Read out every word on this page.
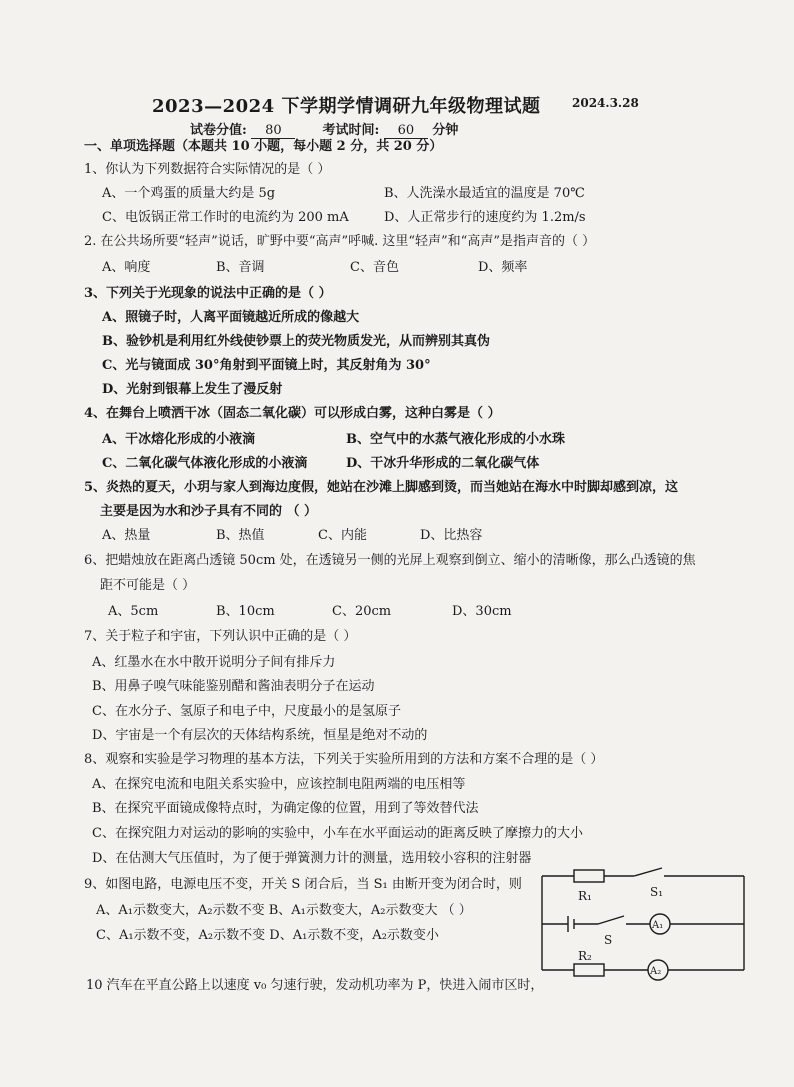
2023—2024 下学期学情调研九年级物理试题	2024.3.28
试卷分值: 80	考试时间: 60 分钟
一、单项选择题（本题共 10 小题，每小题 2 分，共 20 分）
1、你认为下列数据符合实际情况的是（ ）
A、一个鸡蛋的质量大约是 5g	B、人洗澡水最适宜的温度是 70℃
C、电饭锅正常工作时的电流约为 200 mA	D、人正常步行的速度约为 1.2m/s
2. 在公共场所要“轻声”说话，旷野中要“高声”呼喊. 这里“轻声”和“高声”是指声音的（ ）
A、响度	B、音调	C、音色	D、频率
3、下列关于光现象的说法中正确的是（ ）
A、照镜子时，人离平面镜越近所成的像越大
B、验钞机是利用红外线使钞票上的荧光物质发光，从而辨别其真伪
C、光与镜面成 30°角射到平面镜上时，其反射角为 30°
D、光射到银幕上发生了漫反射
4、在舞台上喷洒干冰（固态二氧化碳）可以形成白雾，这种白雾是（ ）
A、干冰熔化形成的小液滴	B、空气中的水蒸气液化形成的小水珠
C、二氧化碳气体液化形成的小液滴	D、干冰升华形成的二氧化碳气体
5、炎热的夏天，小玥与家人到海边度假，她站在沙滩上脚感到烫，而当她站在海水中时脚却感到凉，这
主要是因为水和沙子具有不同的 （ ）
A、热量	B、热值	C、内能	D、比热容
6、把蜡烛放在距离凸透镜 50cm 处，在透镜另一侧的光屏上观察到倒立、缩小的清晰像，那么凸透镜的焦
距不可能是（ ）
A、5cm	B、10cm	C、20cm	D、30cm
7、关于粒子和宇宙，下列认识中正确的是（ ）
A、红墨水在水中散开说明分子间有排斥力
B、用鼻子嗅气味能鉴别醋和酱油表明分子在运动
C、在水分子、氢原子和电子中，尺度最小的是氢原子
D、宇宙是一个有层次的天体结构系统，恒星是绝对不动的
8、观察和实验是学习物理的基本方法，下列关于实验所用到的方法和方案不合理的是（ ）
A、在探究电流和电阻关系实验中，应该控制电阻两端的电压相等
B、在探究平面镜成像特点时，为确定像的位置，用到了等效替代法
C、在探究阻力对运动的影响的实验中，小车在水平面运动的距离反映了摩擦力的大小
D、在估测大气压值时，为了便于弹簧测力计的测量，选用较小容积的注射器
9、如图电路，电源电压不变，开关 S 闭合后，当 S₁ 由断开变为闭合时，则
A、A₁示数变大，A₂示数不变 B、A₁示数变大，A₂示数变大 （ ）
C、A₁示数不变，A₂示数不变 D、A₁示数不变，A₂示数变小
10 汽车在平直公路上以速度 v₀ 匀速行驶，发动机功率为 P，快进入闹市区时，
R₁	S₁
S
A₁
R₂
A₂
